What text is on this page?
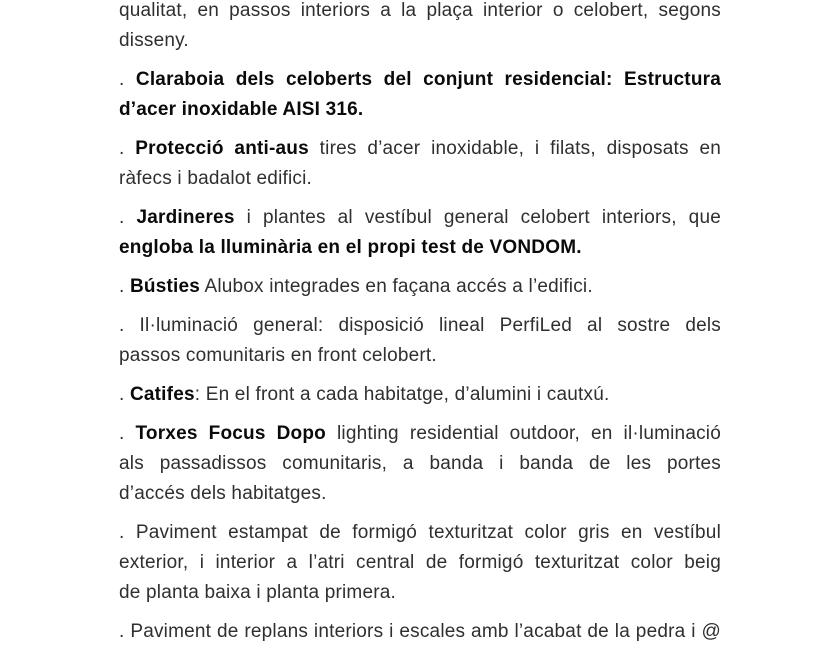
qualitat, en passos interiors a la plaça interior o celobert, segons
disseny.
. Claraboia dels celoberts del conjunt residencial: Estructura
d’acer inoxidable AISI 316.
. Protecció anti-aus tires d’acer inoxidable, i filats, disposats en
ràfecs i badalot edifici.
. Jardineres i plantes al vestíbul general celobert interiors, que
engloba la lluminària en el propi test de VONDOM.
. Bústies Alubox integrades en façana accés a l’edifici.
. Il·luminació general: disposició lineal PerfiLed al sostre dels
passos comunitaris en front celobert.
. Catifes: En el front a cada habitatge, d’alumini i cautxú.
. Torxes Focus Dopo lighting residential outdoor, en il·luminació
als passadissos comunitaris, a banda i banda de les portes
d’accés dels habitatges.
. Paviment estampat de formigó texturitzat color gris en vestíbul
exterior, i interior a l’atri central de formigó texturitzat color beig
de planta baixa i planta primera.
. Paviment de replans interiors i escales amb l’acabat de la pedra i @
